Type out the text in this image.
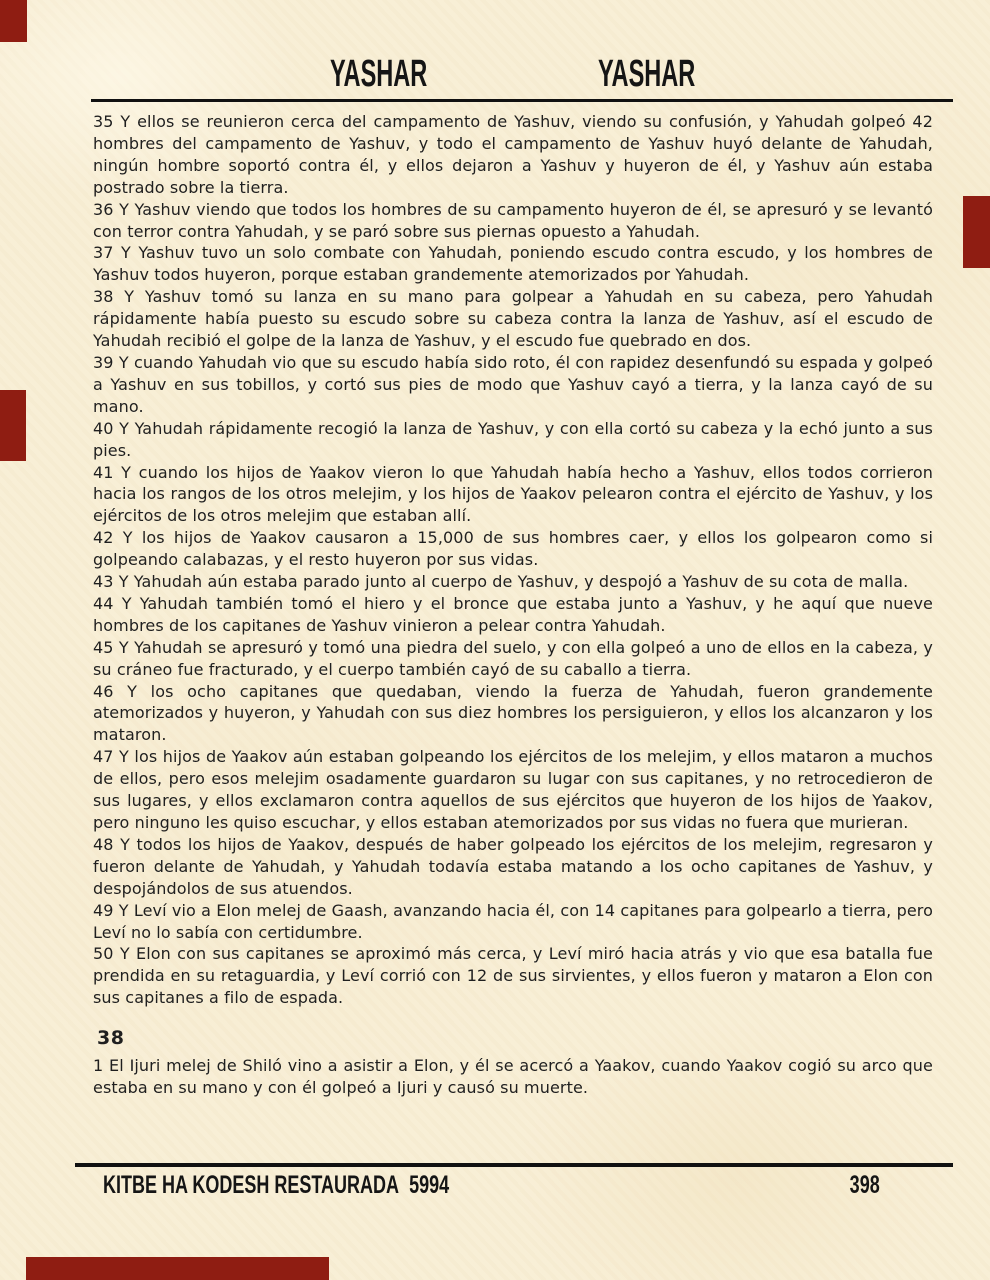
YASHAR	YASHAR

35 Y ellos se reunieron cerca del campamento de Yashuv, viendo su confusión, y Yahudah golpeó 42 hombres del campamento de Yashuv, y todo el campamento de Yashuv huyó delante de Yahudah, ningún hombre soportó contra él, y ellos dejaron a Yashuv y huyeron de él, y Yashuv aún estaba postrado sobre la tierra.

36 Y Yashuv viendo que todos los hombres de su campamento huyeron de él, se apresuró y se levantó con terror contra Yahudah, y se paró sobre sus piernas opuesto a Yahudah.

37 Y Yashuv tuvo un solo combate con Yahudah, poniendo escudo contra escudo, y los hombres de Yashuv todos huyeron, porque estaban grandemente atemorizados por Yahudah.

38 Y Yashuv tomó su lanza en su mano para golpear a Yahudah en su cabeza, pero Yahudah rápidamente había puesto su escudo sobre su cabeza contra la lanza de Yashuv, así el escudo de Yahudah recibió el golpe de la lanza de Yashuv, y el escudo fue quebrado en dos.

39 Y cuando Yahudah vio que su escudo había sido roto, él con rapidez desenfundó su espada y golpeó a Yashuv en sus tobillos, y cortó sus pies de modo que Yashuv cayó a tierra, y la lanza cayó de su mano.

40 Y Yahudah rápidamente recogió la lanza de Yashuv, y con ella cortó su cabeza y la echó junto a sus pies.

41 Y cuando los hijos de Yaakov vieron lo que Yahudah había hecho a Yashuv, ellos todos corrieron hacia los rangos de los otros melejim, y los hijos de Yaakov pelearon contra el ejército de Yashuv, y los ejércitos de los otros melejim que estaban allí.

42 Y los hijos de Yaakov causaron a 15,000 de sus hombres caer, y ellos los golpearon como si golpeando calabazas, y el resto huyeron por sus vidas.

43 Y Yahudah aún estaba parado junto al cuerpo de Yashuv, y despojó a Yashuv de su cota de malla.

44 Y Yahudah también tomó el hiero y el bronce que estaba junto a Yashuv, y he aquí que nueve hombres de los capitanes de Yashuv vinieron a pelear contra Yahudah.

45 Y Yahudah se apresuró y tomó una piedra del suelo, y con ella golpeó a uno de ellos en la cabeza, y su cráneo fue fracturado, y el cuerpo también cayó de su caballo a tierra.

46 Y los ocho capitanes que quedaban, viendo la fuerza de Yahudah, fueron grandemente atemorizados y huyeron, y Yahudah con sus diez hombres los persiguieron, y ellos los alcanzaron y los mataron.

47 Y los hijos de Yaakov aún estaban golpeando los ejércitos de los melejim, y ellos mataron a muchos de ellos, pero esos melejim osadamente guardaron su lugar con sus capitanes, y no retrocedieron de sus lugares, y ellos exclamaron contra aquellos de sus ejércitos que huyeron de los hijos de Yaakov, pero ninguno les quiso escuchar, y ellos estaban atemorizados por sus vidas no fuera que murieran.

48 Y todos los hijos de Yaakov, después de haber golpeado los ejércitos de los melejim, regresaron y fueron delante de Yahudah, y Yahudah todavía estaba matando a los ocho capitanes de Yashuv, y despojándolos de sus atuendos.

49 Y Leví vio a Elon melej de Gaash, avanzando hacia él, con 14 capitanes para golpearlo a tierra, pero Leví no lo sabía con certidumbre.

50 Y Elon con sus capitanes se aproximó más cerca, y Leví miró hacia atrás y vio que esa batalla fue prendida en su retaguardia, y Leví corrió con 12 de sus sirvientes, y ellos fueron y mataron a Elon con sus capitanes a filo de espada.

38

1 El Ijuri melej de Shiló vino a asistir a Elon, y él se acercó a Yaakov, cuando Yaakov cogió su arco que estaba en su mano y con él golpeó a Ijuri y causó su muerte.

KITBE HA KODESH RESTAURADA 5994	398
